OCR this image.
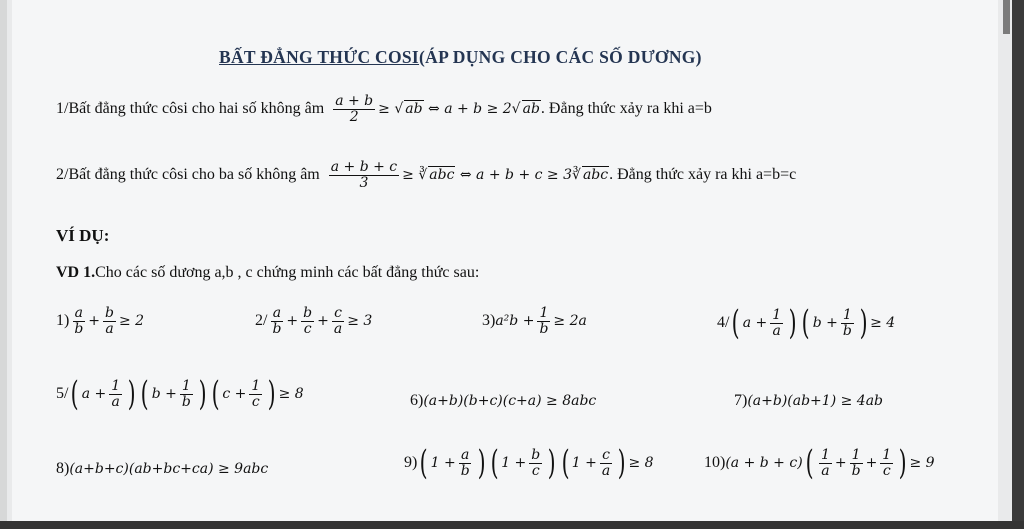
BẤT ĐẲNG THỨC COSI(ÁP DỤNG CHO CÁC SỐ DƯƠNG)
1/Bất đẳng thức côsi cho hai số không âm $\frac{a + b}{2}$ ≥ √ ab ⇔ a + b ≥ 2√ ab . Đẳng thức xảy ra khi a=b
2/Bất đẳng thức côsi cho ba số không âm $\frac{a + b + c}{3}$ ≥ ∛ abc ⇔ a + b + c ≥ 3∛ abc . Đẳng thức xảy ra khi a=b=c
VÍ DỤ:
VD 1.Cho các số dương a,b , c chứng minh các bất đẳng thức sau:
$1) \frac{a}{b} + \frac{b}{a} \ge 2$	$2/ \frac{a}{b} + \frac{b}{c} + \frac{c}{a} \ge 3$	3) $a^2b + \frac{1}{b} \ge 2a$	4/ ( $a + \frac{1}{a}$ ) ( $b + \frac{1}{b}$ ) ≥ 4
5/ ( $a + \frac{1}{a}$ ) ( $b + \frac{1}{b}$ ) ( $c + \frac{1}{c}$ ) ≥ 8	6) (a+b)(b+c)(c+a) ≥ 8abc	7) (a+b)(ab+1) ≥ 4ab
8) (a+b+c)(ab+bc+ca) ≥ 9abc	9) ( $1 + \frac{a}{b}$ ) ( $1 + \frac{b}{c}$ ) ( $1 + \frac{c}{a}$ ) ≥ 8	10) (a + b + c) ( $\frac{1}{a} + \frac{1}{b} + \frac{1}{c}$ ) ≥ 9
